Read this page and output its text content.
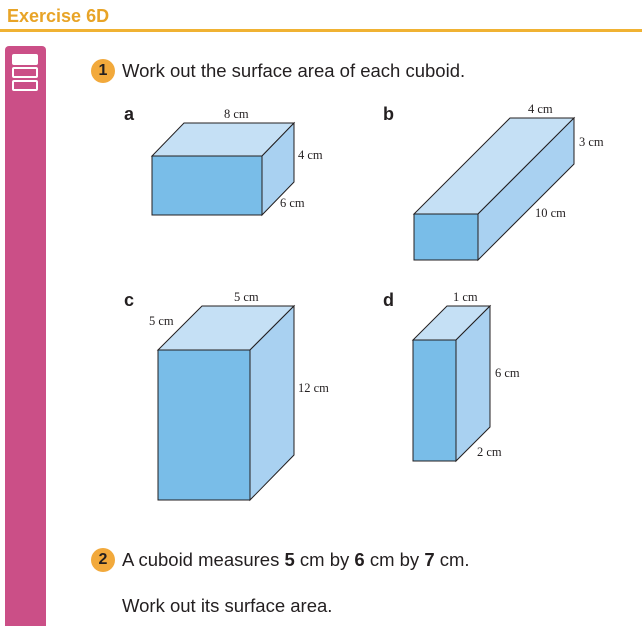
Exercise 6D
1 Work out the surface area of each cuboid.
a	8 cm
4 cm
6 cm
b	4 cm
3 cm
10 cm
c	5 cm
5 cm
12 cm
d	1 cm
6 cm
2 cm
2 A cuboid measures 5 cm by 6 cm by 7 cm.
Work out its surface area.
